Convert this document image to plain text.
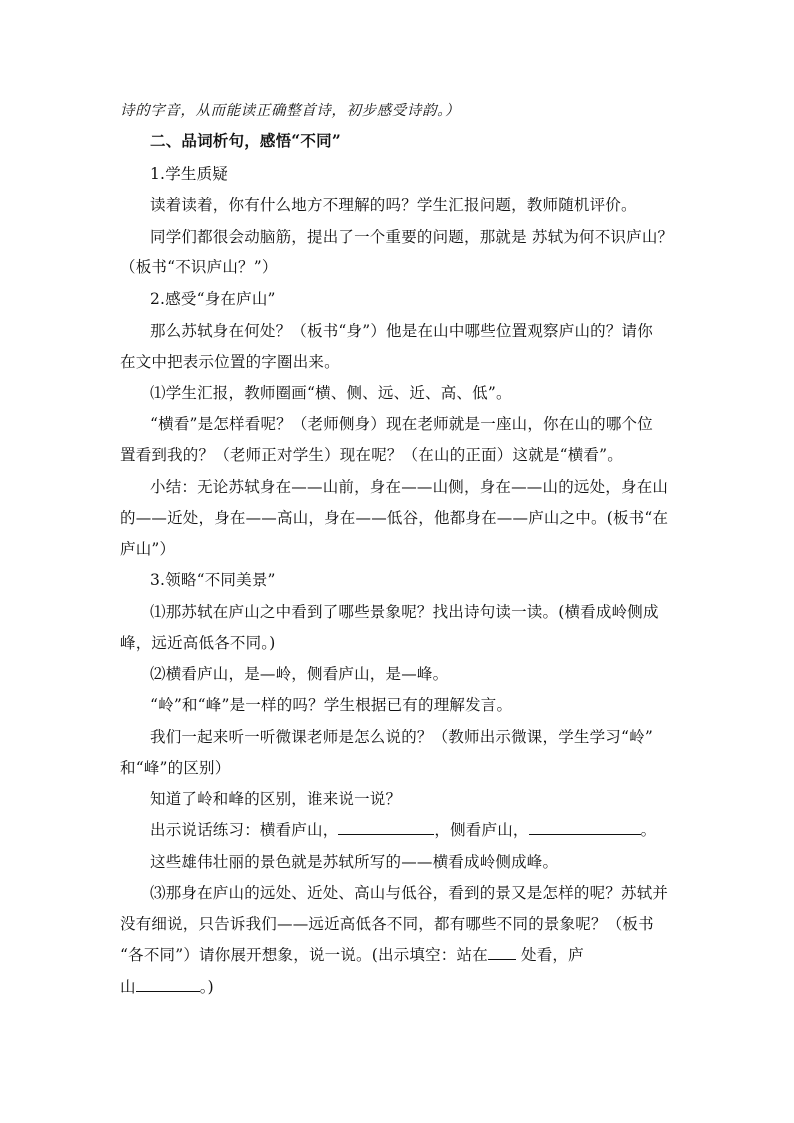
诗的字音，从而能读正确整首诗，初步感受诗韵。）
二、品词析句，感悟“不同”
1.学生质疑
读着读着，你有什么地方不理解的吗？学生汇报问题，教师随机评价。
同学们都很会动脑筋，提出了一个重要的问题，那就是 苏轼为何不识庐山？
（板书“不识庐山？”）
2.感受“身在庐山”
那么苏轼身在何处？（板书“身”）他是在山中哪些位置观察庐山的？请你
在文中把表示位置的字圈出来。
⑴学生汇报，教师圈画“横、侧、远、近、高、低”。
“横看”是怎样看呢？（老师侧身）现在老师就是一座山，你在山的哪个位
置看到我的？（老师正对学生）现在呢？（在山的正面）这就是“横看”。
小结：无论苏轼身在——山前，身在——山侧，身在——山的远处，身在山
的——近处，身在——高山，身在——低谷，他都身在——庐山之中。(板书“在
庐山”）
3.领略“不同美景”
⑴那苏轼在庐山之中看到了哪些景象呢？找出诗句读一读。(横看成岭侧成
峰，远近高低各不同。)
⑵横看庐山，是—岭，侧看庐山，是—峰。
“岭”和“峰”是一样的吗？学生根据已有的理解发言。
我们一起来听一听微课老师是怎么说的？（教师出示微课，学生学习“岭”
和“峰”的区别）
知道了岭和峰的区别，谁来说一说？
出示说话练习：横看庐山，	，侧看庐山，	。
这些雄伟壮丽的景色就是苏轼所写的——横看成岭侧成峰。
⑶那身在庐山的远处、近处、高山与低谷，看到的景又是怎样的呢？苏轼并
没有细说，只告诉我们——远近高低各不同，都有哪些不同的景象呢？（板书
“各不同”）请你展开想象，说一说。(出示填空：站在 处看，庐
山	。)
